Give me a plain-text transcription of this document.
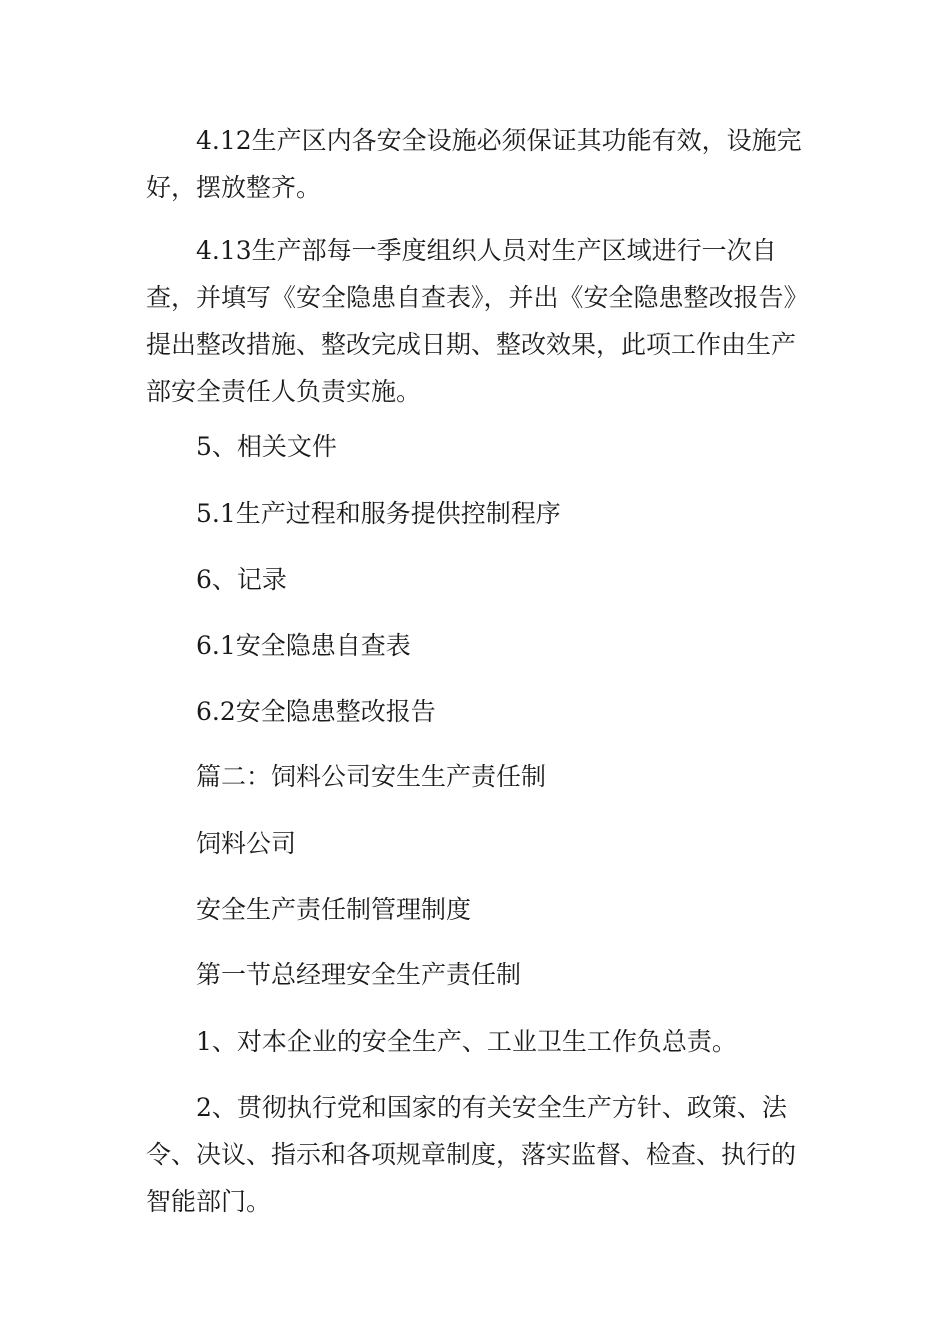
4.12生产区内各安全设施必须保证其功能有效，设施完好，摆放整齐。

4.13生产部每一季度组织人员对生产区域进行一次自查，并填写《安全隐患自查表》，并出《安全隐患整改报告》提出整改措施、整改完成日期、整改效果，此项工作由生产部安全责任人负责实施。

5、相关文件

5.1生产过程和服务提供控制程序

6、记录

6.1安全隐患自查表

6.2安全隐患整改报告

篇二：饲料公司安生生产责任制

饲料公司

安全生产责任制管理制度

第一节总经理安全生产责任制

1、对本企业的安全生产、工业卫生工作负总责。

2、贯彻执行党和国家的有关安全生产方针、政策、法令、决议、指示和各项规章制度，落实监督、检查、执行的智能部门。
